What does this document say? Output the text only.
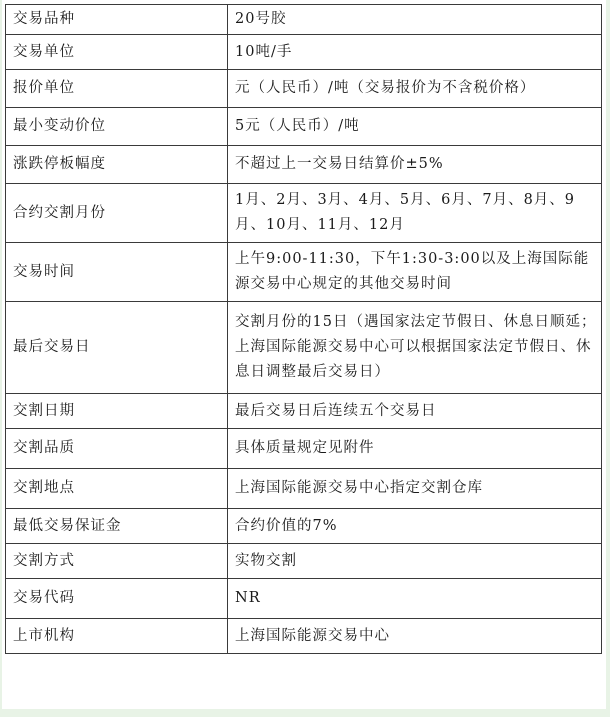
交易品种	20号胶
交易单位	10吨/手
报价单位	元（人民币）/吨（交易报价为不含税价格）
最小变动价位	5元（人民币）/吨
涨跌停板幅度	不超过上一交易日结算价±5%
合约交割月份	1月、2月、3月、4月、5月、6月、7月、8月、9月、10月、11月、12月
交易时间	上午9:00-11:30，下午1:30-3:00以及上海国际能源交易中心规定的其他交易时间
最后交易日	交割月份的15日（遇国家法定节假日、休息日顺延；上海国际能源交易中心可以根据国家法定节假日、休息日调整最后交易日）
交割日期	最后交易日后连续五个交易日
交割品质	具体质量规定见附件
交割地点	上海国际能源交易中心指定交割仓库
最低交易保证金	合约价值的7%
交割方式	实物交割
交易代码	NR
上市机构	上海国际能源交易中心
